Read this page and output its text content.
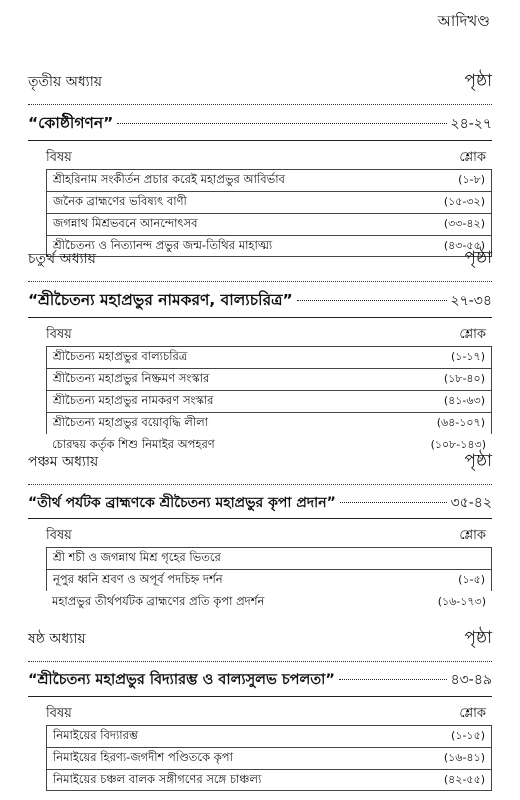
আদিখণ্ড
তৃতীয় অধ্যায়	পৃষ্ঠা
“কোষ্ঠীগণন”	২৪-২৭
বিষয়	শ্লোক
শ্রীহরিনাম সংকীর্তন প্রচার করেই মহাপ্রভুর আবির্ভাব	(১-৮)
জনৈক ব্রাহ্মণের ভবিষ্যৎ বাণী	(১৫-৩২)
জগন্নাথ মিশ্রভবনে আনন্দোৎসব	(৩৩-৪২)
শ্রীচৈতন্য ও নিত্যানন্দ প্রভুর জন্ম-তিথির মাহাত্ম্য	(৪৩-৫৫)
চতুর্থ অধ্যায়	পৃষ্ঠা
“শ্রীচৈতন্য মহাপ্রভুর নামকরণ, বাল্যচরিত্র”	২৭-৩৪
বিষয়	শ্লোক
শ্রীচৈতন্য মহাপ্রভুর বাল্যচরিত্র	(১-১৭)
শ্রীচৈতন্য মহাপ্রভুর নিষ্ক্রমণ সংস্কার	(১৮-৪০)
শ্রীচৈতন্য মহাপ্রভুর নামকরণ সংস্কার	(৪১-৬৩)
শ্রীচৈতন্য মহাপ্রভুর বয়োবৃদ্ধি লীলা	(৬৪-১০৭)
চোরদ্বয় কর্তৃক শিশু নিমাইর অপহরণ	(১০৮-১৪৩)
পঞ্চম অধ্যায়	পৃষ্ঠা
“তীর্থ পর্যটক ব্রাহ্মণকে শ্রীচৈতন্য মহাপ্রভুর কৃপা প্রদান”	৩৫-৪২
বিষয়	শ্লোক
শ্রী শচী ও জগন্নাথ মিশ্র গৃহের ভিতরে
নূপুর ধ্বনি শ্রবণ ও অপূর্ব পদচিহ্ন দর্শন	(১-৫)
মহাপ্রভুর তীর্থপর্যটক ব্রাহ্মণের প্রতি কৃপা প্রদর্শন	(১৬-১৭৩)
ষষ্ঠ অধ্যায়	পৃষ্ঠা
“শ্রীচৈতন্য মহাপ্রভুর বিদ্যারম্ভ ও বাল্যসুলভ চপলতা”	৪৩-৪৯
বিষয়	শ্লোক
নিমাইয়ের বিদ্যারম্ভ	(১-১৫)
নিমাইয়ের হিরণ্য-জগদীশ পণ্ডিতকে কৃপা	(১৬-৪১)
নিমাইয়ের চঞ্চল বালক সঙ্গীগণের সঙ্গে চাঞ্চল্য	(৪২-৫৫)
